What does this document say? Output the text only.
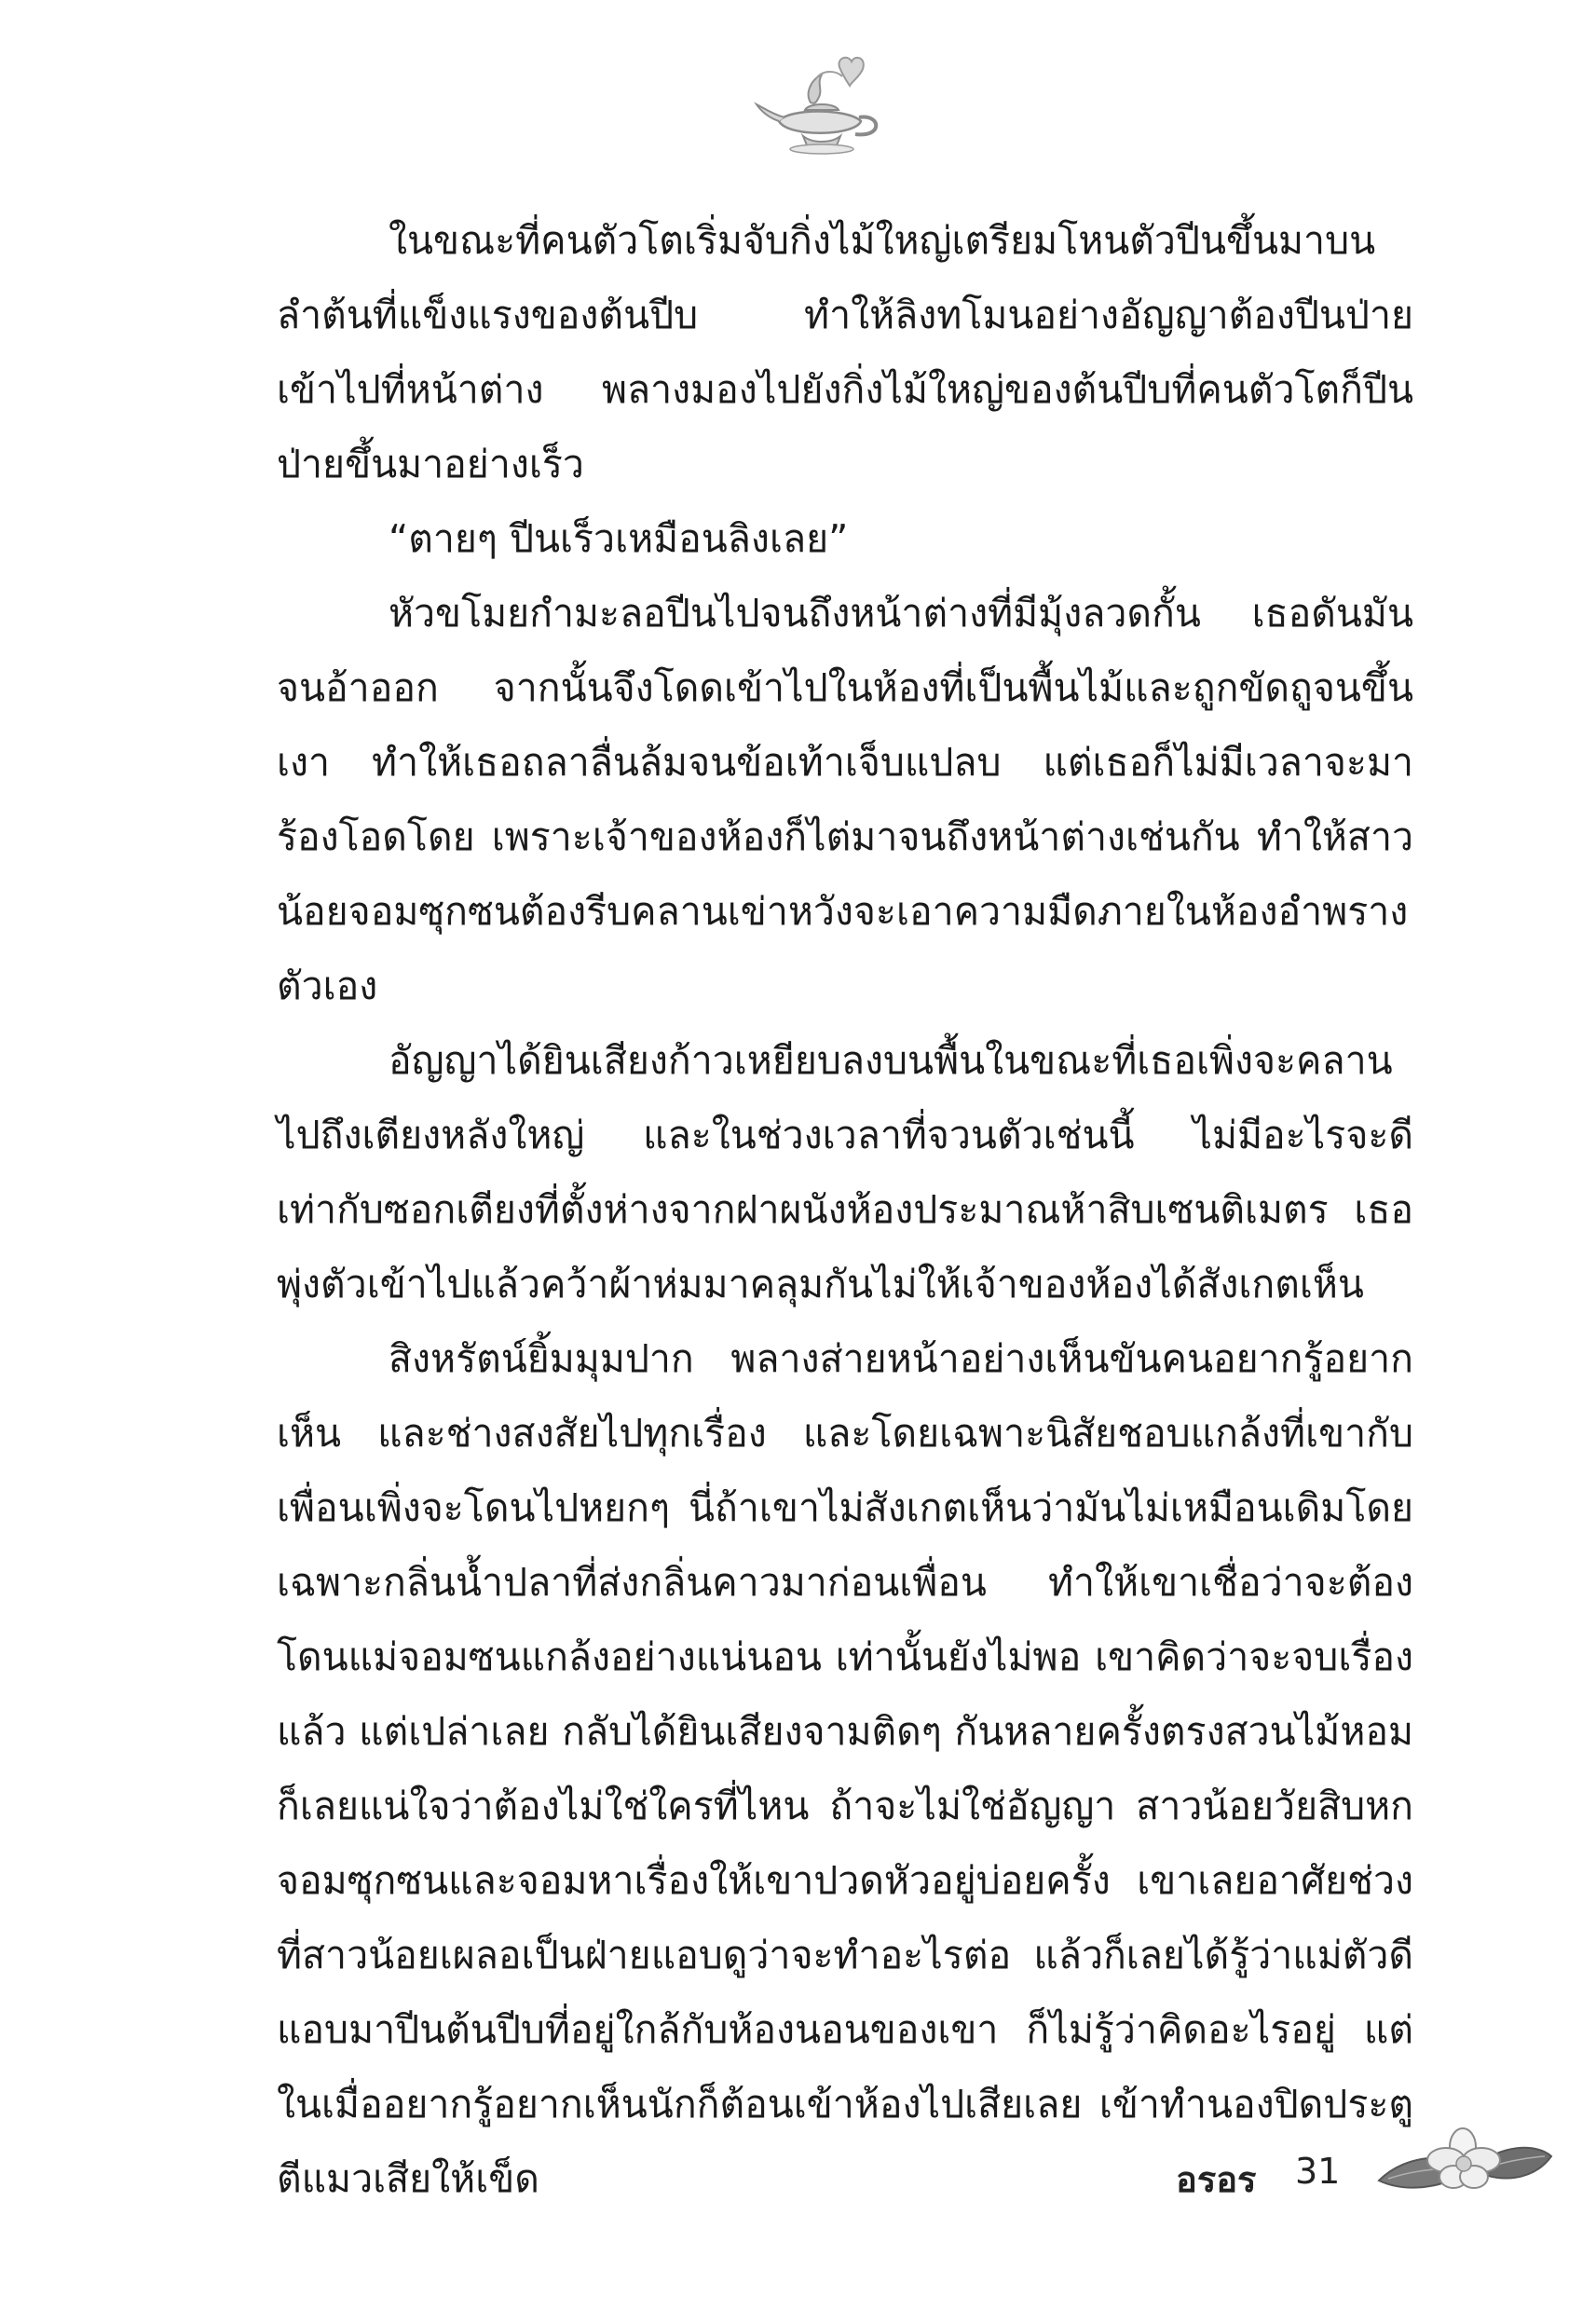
ในขณะที่คนตัวโตเริ่มจับกิ่งไม้ใหญ่เตรียมโหนตัวปีนขึ้นมาบนลำต้นที่แข็งแรงของต้นปีบ ทำให้ลิงทโมนอย่างอัญญาต้องปีนป่ายเข้าไปที่หน้าต่าง พลางมองไปยังกิ่งไม้ใหญ่ของต้นปีบที่คนตัวโตก็ปีนป่ายขึ้นมาอย่างเร็ว

“ตายๆ ปีนเร็วเหมือนลิงเลย”

หัวขโมยกำมะลอปีนไปจนถึงหน้าต่างที่มีมุ้งลวดกั้น เธอดันมันจนอ้าออก จากนั้นจึงโดดเข้าไปในห้องที่เป็นพื้นไม้และถูกขัดถูจนขึ้นเงา ทำให้เธอถลาลื่นล้มจนข้อเท้าเจ็บแปลบ แต่เธอก็ไม่มีเวลาจะมาร้องโอดโดย เพราะเจ้าของห้องก็ไต่มาจนถึงหน้าต่างเช่นกัน ทำให้สาวน้อยจอมซุกซนต้องรีบคลานเข่าหวังจะเอาความมืดภายในห้องอำพรางตัวเอง

อัญญาได้ยินเสียงก้าวเหยียบลงบนพื้นในขณะที่เธอเพิ่งจะคลานไปถึงเตียงหลังใหญ่ และในช่วงเวลาที่จวนตัวเช่นนี้ ไม่มีอะไรจะดีเท่ากับซอกเตียงที่ตั้งห่างจากฝาผนังห้องประมาณห้าสิบเซนติเมตร เธอพุ่งตัวเข้าไปแล้วคว้าผ้าห่มมาคลุมกันไม่ให้เจ้าของห้องได้สังเกตเห็น

สิงหรัตน์ยิ้มมุมปาก พลางส่ายหน้าอย่างเห็นขันคนอยากรู้อยากเห็น และช่างสงสัยไปทุกเรื่อง และโดยเฉพาะนิสัยชอบแกล้งที่เขากับเพื่อนเพิ่งจะโดนไปหยกๆ นี่ถ้าเขาไม่สังเกตเห็นว่ามันไม่เหมือนเดิมโดยเฉพาะกลิ่นน้ำปลาที่ส่งกลิ่นคาวมาก่อนเพื่อน ทำให้เขาเชื่อว่าจะต้องโดนแม่จอมซนแกล้งอย่างแน่นอน เท่านั้นยังไม่พอ เขาคิดว่าจะจบเรื่องแล้ว แต่เปล่าเลย กลับได้ยินเสียงจามติดๆ กันหลายครั้งตรงสวนไม้หอม ก็เลยแน่ใจว่าต้องไม่ใช่ใครที่ไหน ถ้าจะไม่ใช่อัญญา สาวน้อยวัยสิบหกจอมซุกซนและจอมหาเรื่องให้เขาปวดหัวอยู่บ่อยครั้ง เขาเลยอาศัยช่วงที่สาวน้อยเผลอเป็นฝ่ายแอบดูว่าจะทำอะไรต่อ แล้วก็เลยได้รู้ว่าแม่ตัวดีแอบมาปีนต้นปีบที่อยู่ใกล้กับห้องนอนของเขา ก็ไม่รู้ว่าคิดอะไรอยู่ แต่ในเมื่ออยากรู้อยากเห็นนักก็ต้อนเข้าห้องไปเสียเลย เข้าทำนองปิดประตูตีแมวเสียให้เข็ด	อรอร 31
